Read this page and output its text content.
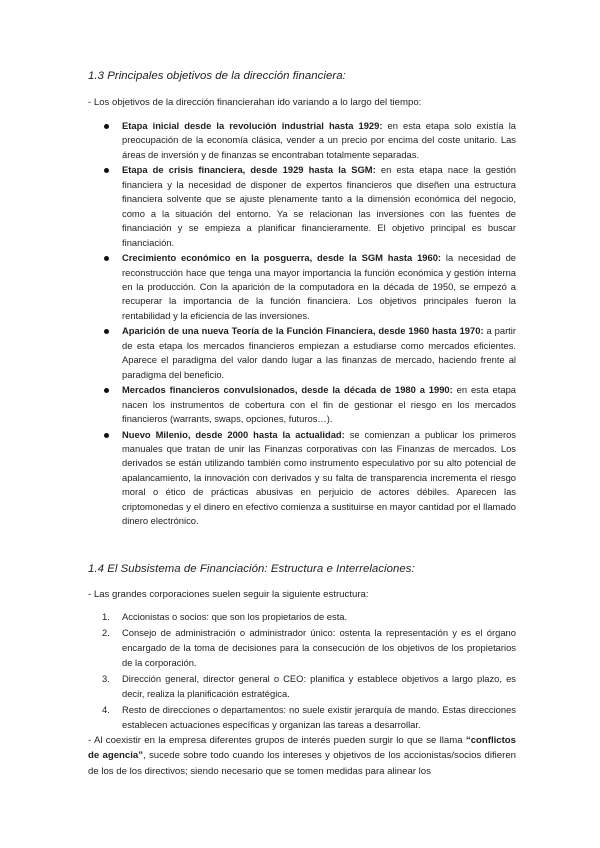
1.3 Principales objetivos de la dirección financiera:
- Los objetivos de la dirección financierahan ido variando a lo largo del tiempo:
Etapa inicial desde la revolución industrial hasta 1929: en esta etapa solo existía la preocupación de la economía clásica, vender a un precio por encima del coste unitario. Las áreas de inversión y de finanzas se encontraban totalmente separadas.
Etapa de crisis financiera, desde 1929 hasta la SGM: en esta etapa nace la gestión financiera y la necesidad de disponer de expertos financieros que diseñen una estructura financiera solvente que se ajuste plenamente tanto a la dimensión económica del negocio, como a la situación del entorno. Ya se relacionan las inversiones con las fuentes de financiación y se empieza a planificar financieramente. El objetivo principal es buscar financiación.
Crecimiento económico en la posguerra, desde la SGM hasta 1960: la necesidad de reconstrucción hace que tenga una mayor importancia la función económica y gestión interna en la producción. Con la aparición de la computadora en la década de 1950, se empezó a recuperar la importancia de la función financiera. Los objetivos principales fueron la rentabilidad y la eficiencia de las inversiones.
Aparición de una nueva Teoría de la Función Financiera, desde 1960 hasta 1970: a partir de esta etapa los mercados financieros empiezan a estudiarse como mercados eficientes. Aparece el paradigma del valor dando lugar a las finanzas de mercado, haciendo frente al paradigma del beneficio.
Mercados financieros convulsionados, desde la década de 1980 a 1990: en esta etapa nacen los instrumentos de cobertura con el fin de gestionar el riesgo en los mercados financieros (warrants, swaps, opciones, futuros…).
Nuevo Milenio, desde 2000 hasta la actualidad: se comienzan a publicar los primeros manuales que tratan de unir las Finanzas corporativas con las Finanzas de mercados. Los derivados se están utilizando también como instrumento especulativo por su alto potencial de apalancamiento, la innovación con derivados y su falta de transparencia incrementa el riesgo moral o ético de prácticas abusivas en perjuicio de actores débiles. Aparecen las criptomonedas y el dinero en efectivo comienza a sustituirse en mayor cantidad por el llamado dinero electrónico.
1.4 El Subsistema de Financiación: Estructura e Interrelaciones:
- Las grandes corporaciones suelen seguir la siguiente estructura:
1. Accionistas o socios: que son los propietarios de esta.
2. Consejo de administración o administrador único: ostenta la representación y es el órgano encargado de la toma de decisiones para la consecución de los objetivos de los propietarios de la corporación.
3. Dirección general, director general o CEO: planifica y establece objetivos a largo plazo, es decir, realiza la planificación estratégica.
4. Resto de direcciones o departamentos: no suele existir jerarquía de mando. Estas direcciones establecen actuaciones específicas y organizan las tareas a desarrollar.
- Al coexistir en la empresa diferentes grupos de interés pueden surgir lo que se llama “conflictos de agencia”, sucede sobre todo cuando los intereses y objetivos de los accionistas/socios difieren de los de los directivos; siendo necesario que se tomen medidas para alinear los
